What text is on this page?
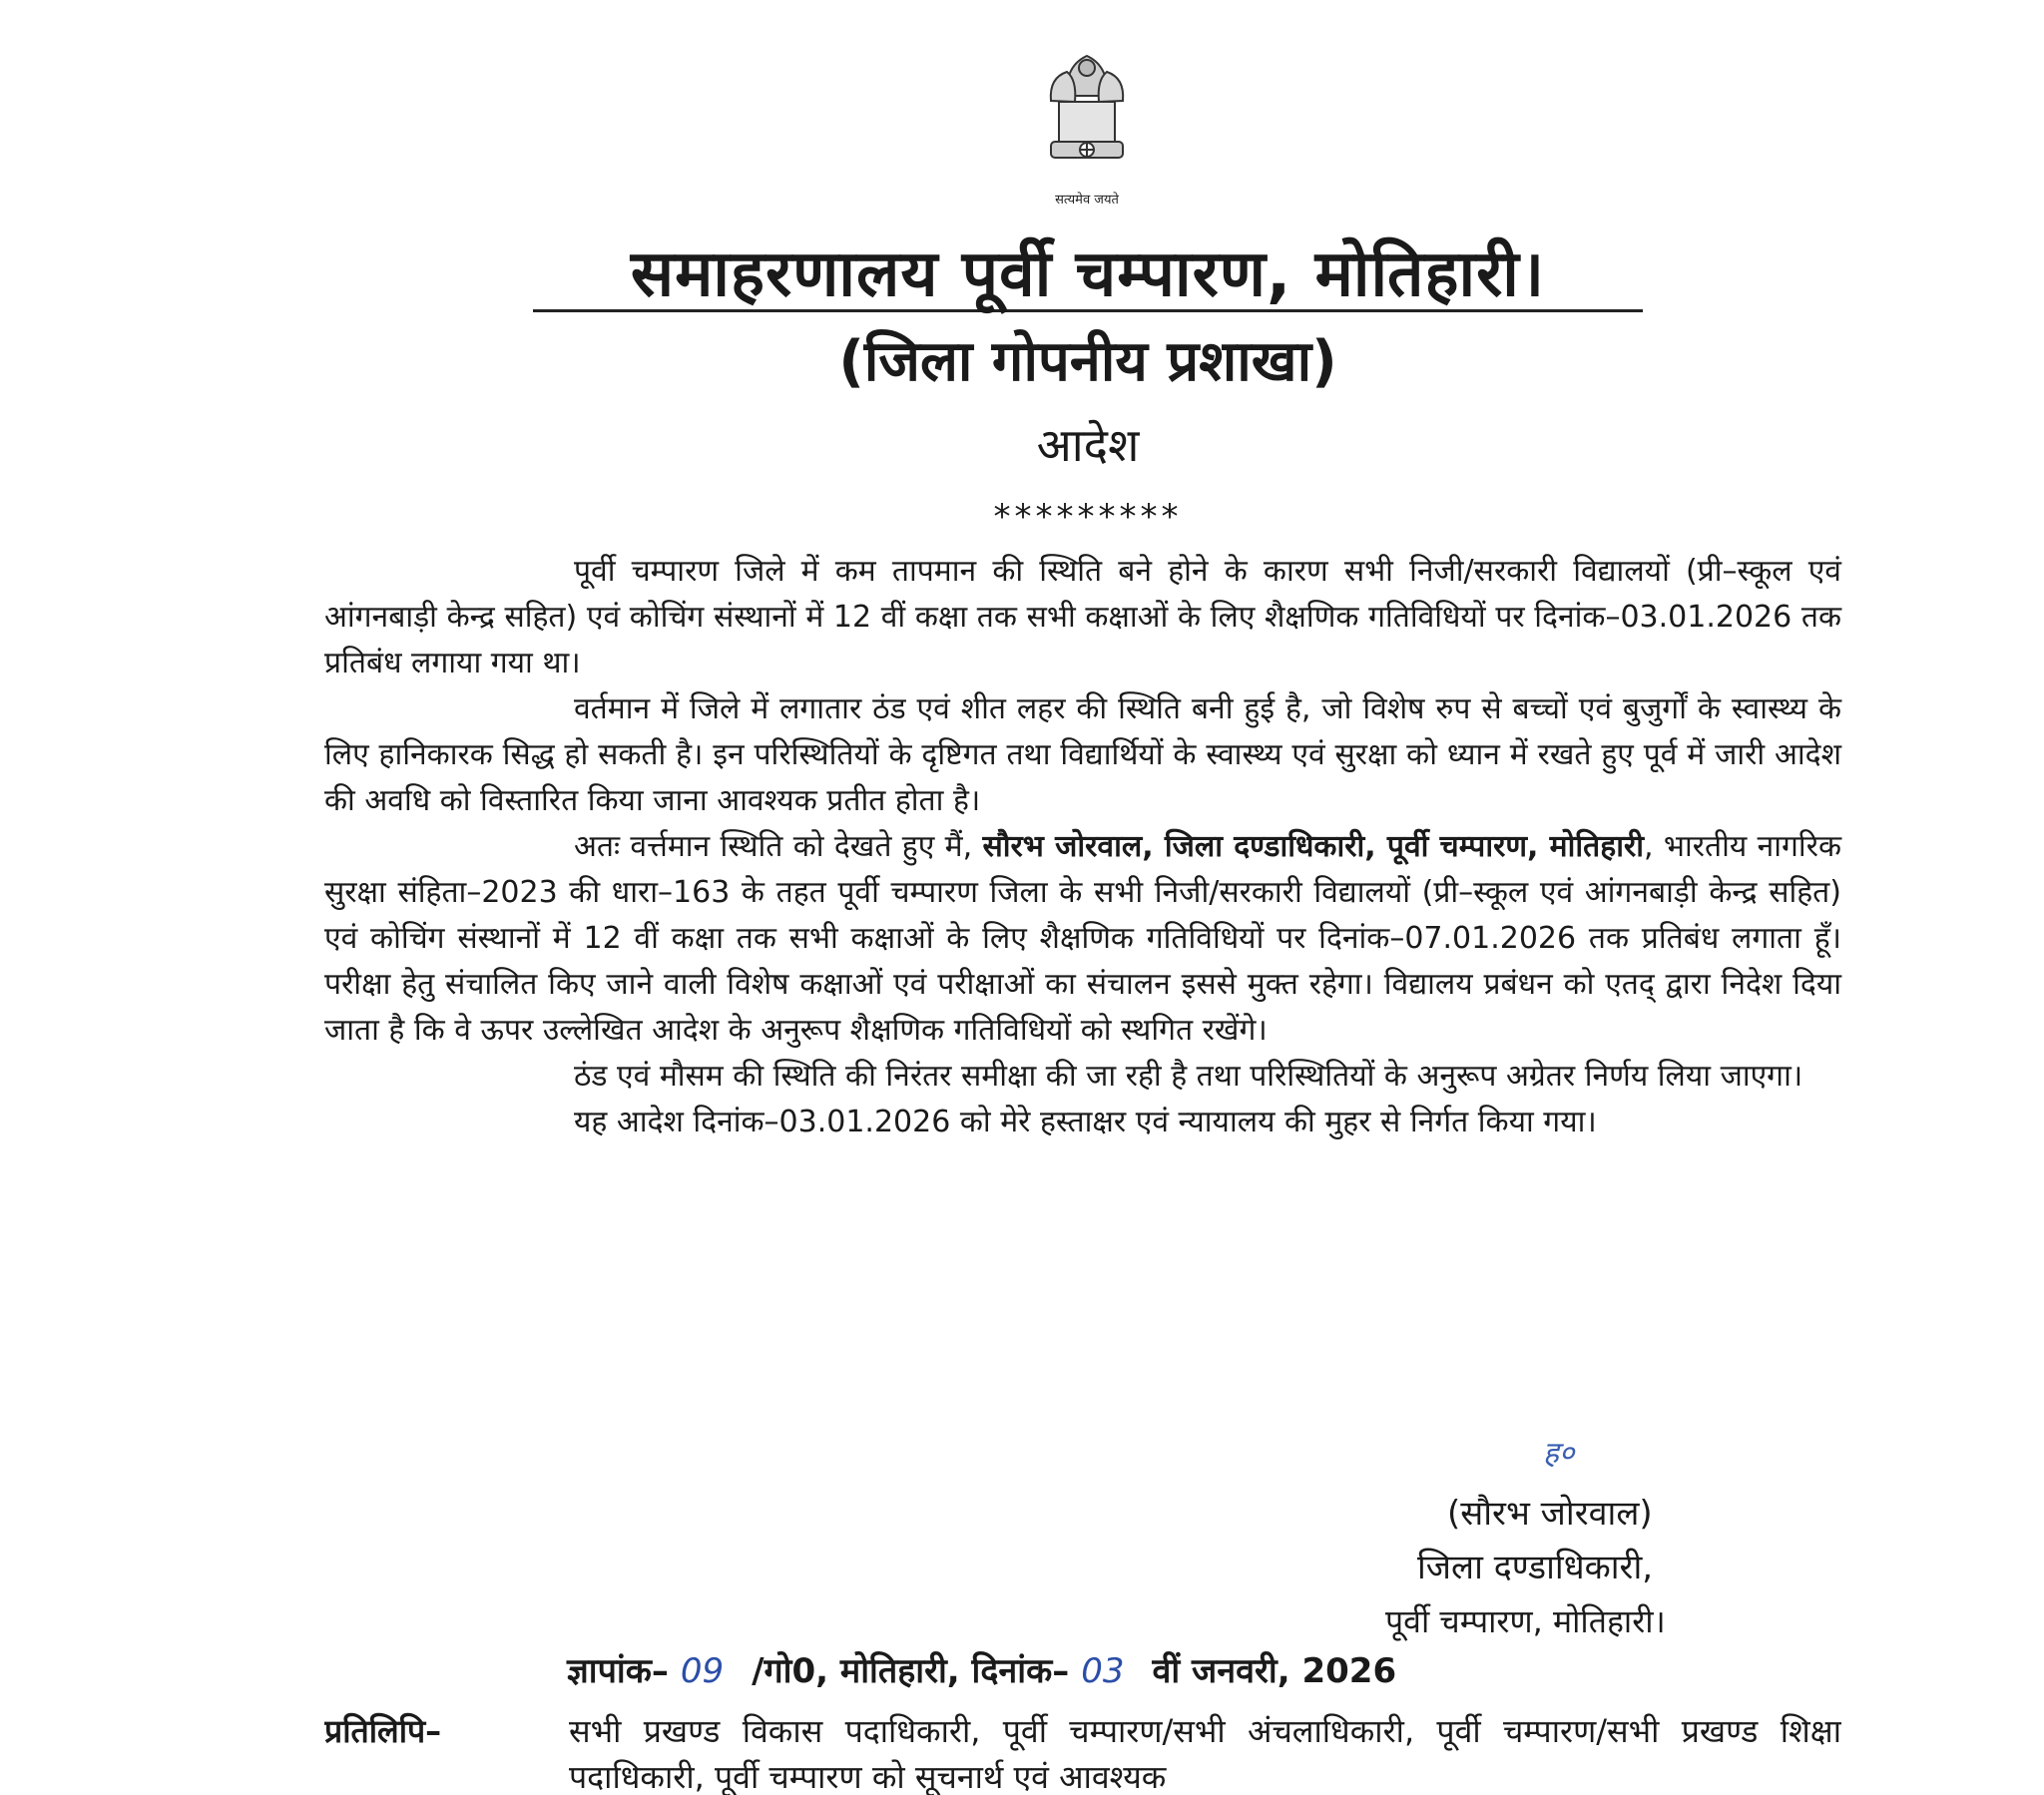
सत्यमेव जयते
समाहरणालय पूर्वी चम्पारण, मोतिहारी।
(जिला गोपनीय प्रशाखा)
आदेश
*********

पूर्वी चम्पारण जिले में कम तापमान की स्थिति बने होने के कारण सभी निजी/सरकारी विद्यालयों (प्री–स्कूल एवं आंगनबाड़ी केन्द्र सहित) एवं कोचिंग संस्थानों में 12 वीं कक्षा तक सभी कक्षाओं के लिए शैक्षणिक गतिविधियों पर दिनांक–03.01.2026 तक प्रतिबंध लगाया गया था।

वर्तमान में जिले में लगातार ठंड एवं शीत लहर की स्थिति बनी हुई है, जो विशेष रुप से बच्चों एवं बुजुर्गों के स्वास्थ्य के लिए हानिकारक सिद्ध हो सकती है। इन परिस्थितियों के दृष्टिगत तथा विद्यार्थियों के स्वास्थ्य एवं सुरक्षा को ध्यान में रखते हुए पूर्व में जारी आदेश की अवधि को विस्तारित किया जाना आवश्यक प्रतीत होता है।

अतः वर्त्तमान स्थिति को देखते हुए मैं, सौरभ जोरवाल, जिला दण्डाधिकारी, पूर्वी चम्पारण, मोतिहारी, भारतीय नागरिक सुरक्षा संहिता–2023 की धारा–163 के तहत पूर्वी चम्पारण जिला के सभी निजी/सरकारी विद्यालयों (प्री–स्कूल एवं आंगनबाड़ी केन्द्र सहित) एवं कोचिंग संस्थानों में 12 वीं कक्षा तक सभी कक्षाओं के लिए शैक्षणिक गतिविधियों पर दिनांक–07.01.2026 तक प्रतिबंध लगाता हूँ। परीक्षा हेतु संचालित किए जाने वाली विशेष कक्षाओं एवं परीक्षाओं का संचालन इससे मुक्त रहेगा। विद्यालय प्रबंधन को एतद् द्वारा निदेश दिया जाता है कि वे ऊपर उल्लेखित आदेश के अनुरूप शैक्षणिक गतिविधियों को स्थगित रखेंगे।

ठंड एवं मौसम की स्थिति की निरंतर समीक्षा की जा रही है तथा परिस्थितियों के अनुरूप अग्रेतर निर्णय लिया जाएगा।

यह आदेश दिनांक–03.01.2026 को मेरे हस्ताक्षर एवं न्यायालय की मुहर से निर्गत किया गया।

ह०
(सौरभ जोरवाल)
जिला दण्डाधिकारी,
पूर्वी चम्पारण, मोतिहारी।
ज्ञापांक– 09 /गो0, मोतिहारी, दिनांक– 03 वीं जनवरी, 2026
प्रतिलिपि–	सभी प्रखण्ड विकास पदाधिकारी, पूर्वी चम्पारण/सभी अंचलाधिकारी, पूर्वी चम्पारण/सभी प्रखण्ड शिक्षा पदाधिकारी, पूर्वी चम्पारण को सूचनार्थ एवं आवश्यक
